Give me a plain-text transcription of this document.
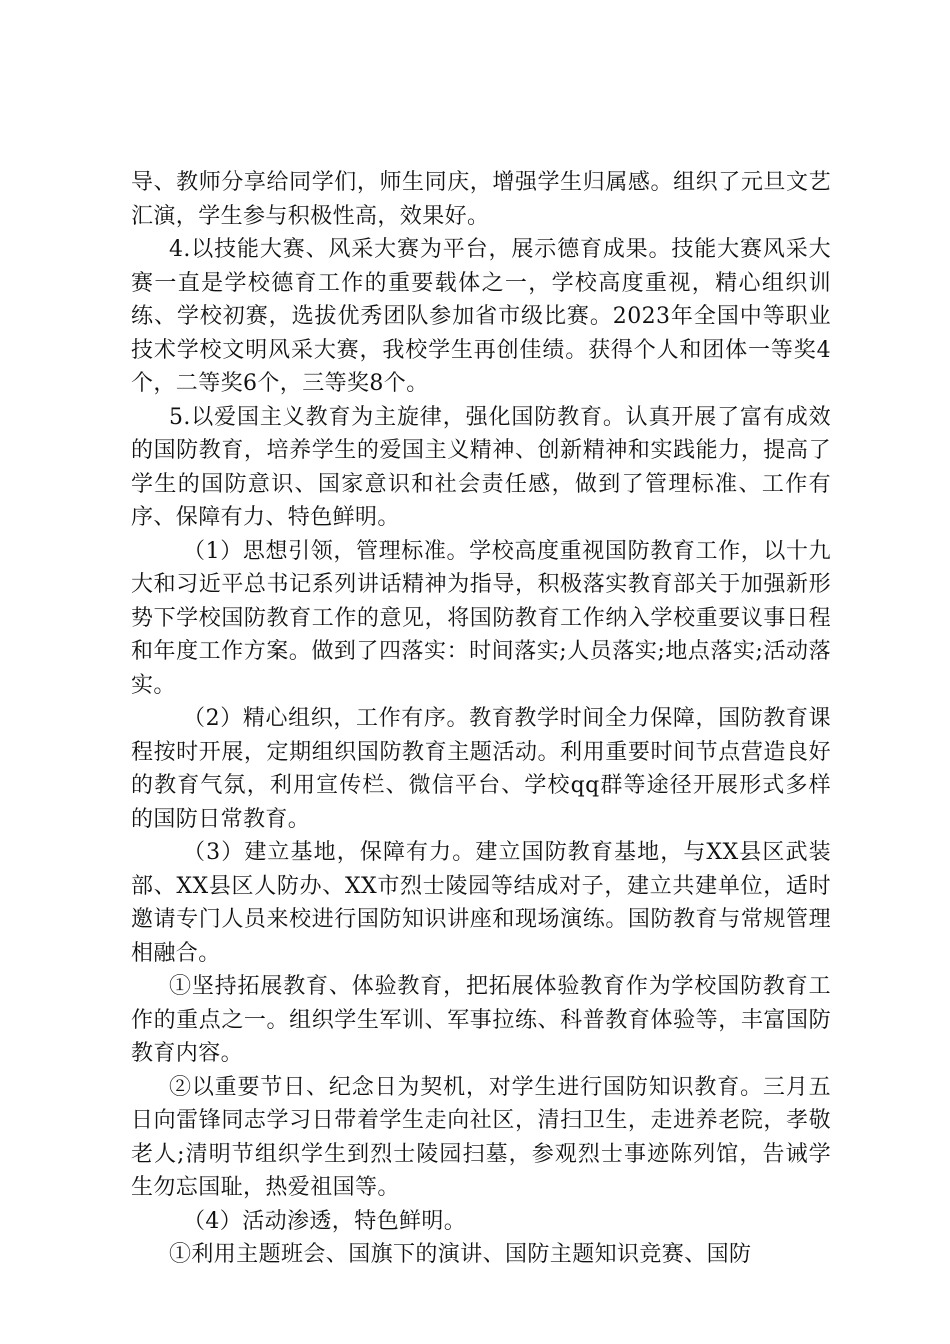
导、教师分享给同学们，师生同庆，增强学生归属感。组织了元旦文艺汇演，学生参与积极性高，效果好。

4.以技能大赛、风采大赛为平台，展示德育成果。技能大赛风采大赛一直是学校德育工作的重要载体之一，学校高度重视，精心组织训练、学校初赛，选拔优秀团队参加省市级比赛。2023年全国中等职业技术学校文明风采大赛，我校学生再创佳绩。获得个人和团体一等奖4个，二等奖6个，三等奖8个。

5.以爱国主义教育为主旋律，强化国防教育。认真开展了富有成效的国防教育，培养学生的爱国主义精神、创新精神和实践能力，提高了学生的国防意识、国家意识和社会责任感，做到了管理标准、工作有序、保障有力、特色鲜明。

（1）思想引领，管理标准。学校高度重视国防教育工作，以十九大和习近平总书记系列讲话精神为指导，积极落实教育部关于加强新形势下学校国防教育工作的意见，将国防教育工作纳入学校重要议事日程和年度工作方案。做到了四落实：时间落实;人员落实;地点落实;活动落实。

（2）精心组织，工作有序。教育教学时间全力保障，国防教育课程按时开展，定期组织国防教育主题活动。利用重要时间节点营造良好的教育气氛，利用宣传栏、微信平台、学校qq群等途径开展形式多样的国防日常教育。

（3）建立基地，保障有力。建立国防教育基地，与XX县区武装部、XX县区人防办、XX市烈士陵园等结成对子，建立共建单位，适时邀请专门人员来校进行国防知识讲座和现场演练。国防教育与常规管理相融合。

①坚持拓展教育、体验教育，把拓展体验教育作为学校国防教育工作的重点之一。组织学生军训、军事拉练、科普教育体验等，丰富国防教育内容。

②以重要节日、纪念日为契机，对学生进行国防知识教育。三月五日向雷锋同志学习日带着学生走向社区，清扫卫生，走进养老院，孝敬老人;清明节组织学生到烈士陵园扫墓，参观烈士事迹陈列馆，告诫学生勿忘国耻，热爱祖国等。

（4）活动渗透，特色鲜明。

①利用主题班会、国旗下的演讲、国防主题知识竞赛、国防
